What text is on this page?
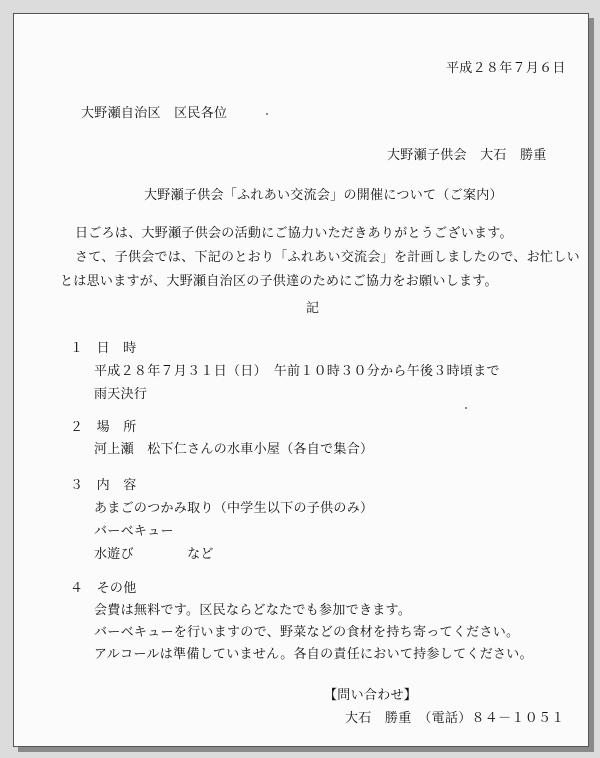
平成２８年７月６日
大野瀬自治区　区民各位
大野瀬子供会　大石　勝重
大野瀬子供会「ふれあい交流会」の開催について（ご案内）
日ごろは、大野瀬子供会の活動にご協力いただきありがとうございます。
さて、子供会では、下記のとおり「ふれあい交流会」を計画しましたので、お忙しい
とは思いますが、大野瀬自治区の子供達のためにご協力をお願いします。
記
１　日　時
平成２８年７月３１日（日）　午前１０時３０分から午後３時頃まで
雨天決行
２　場　所
河上瀬　松下仁さんの水車小屋（各自で集合）
３　内　容
あまごのつかみ取り（中学生以下の子供のみ）
バーベキュー
水遊び　　　　など
４　その他
会費は無料です。区民ならどなたでも参加できます。
バーベキューを行いますので、野菜などの食材を持ち寄ってください。
アルコールは準備していません。各自の責任において持参してください。
【問い合わせ】
大石　勝重　（電話）８４－１０５１
